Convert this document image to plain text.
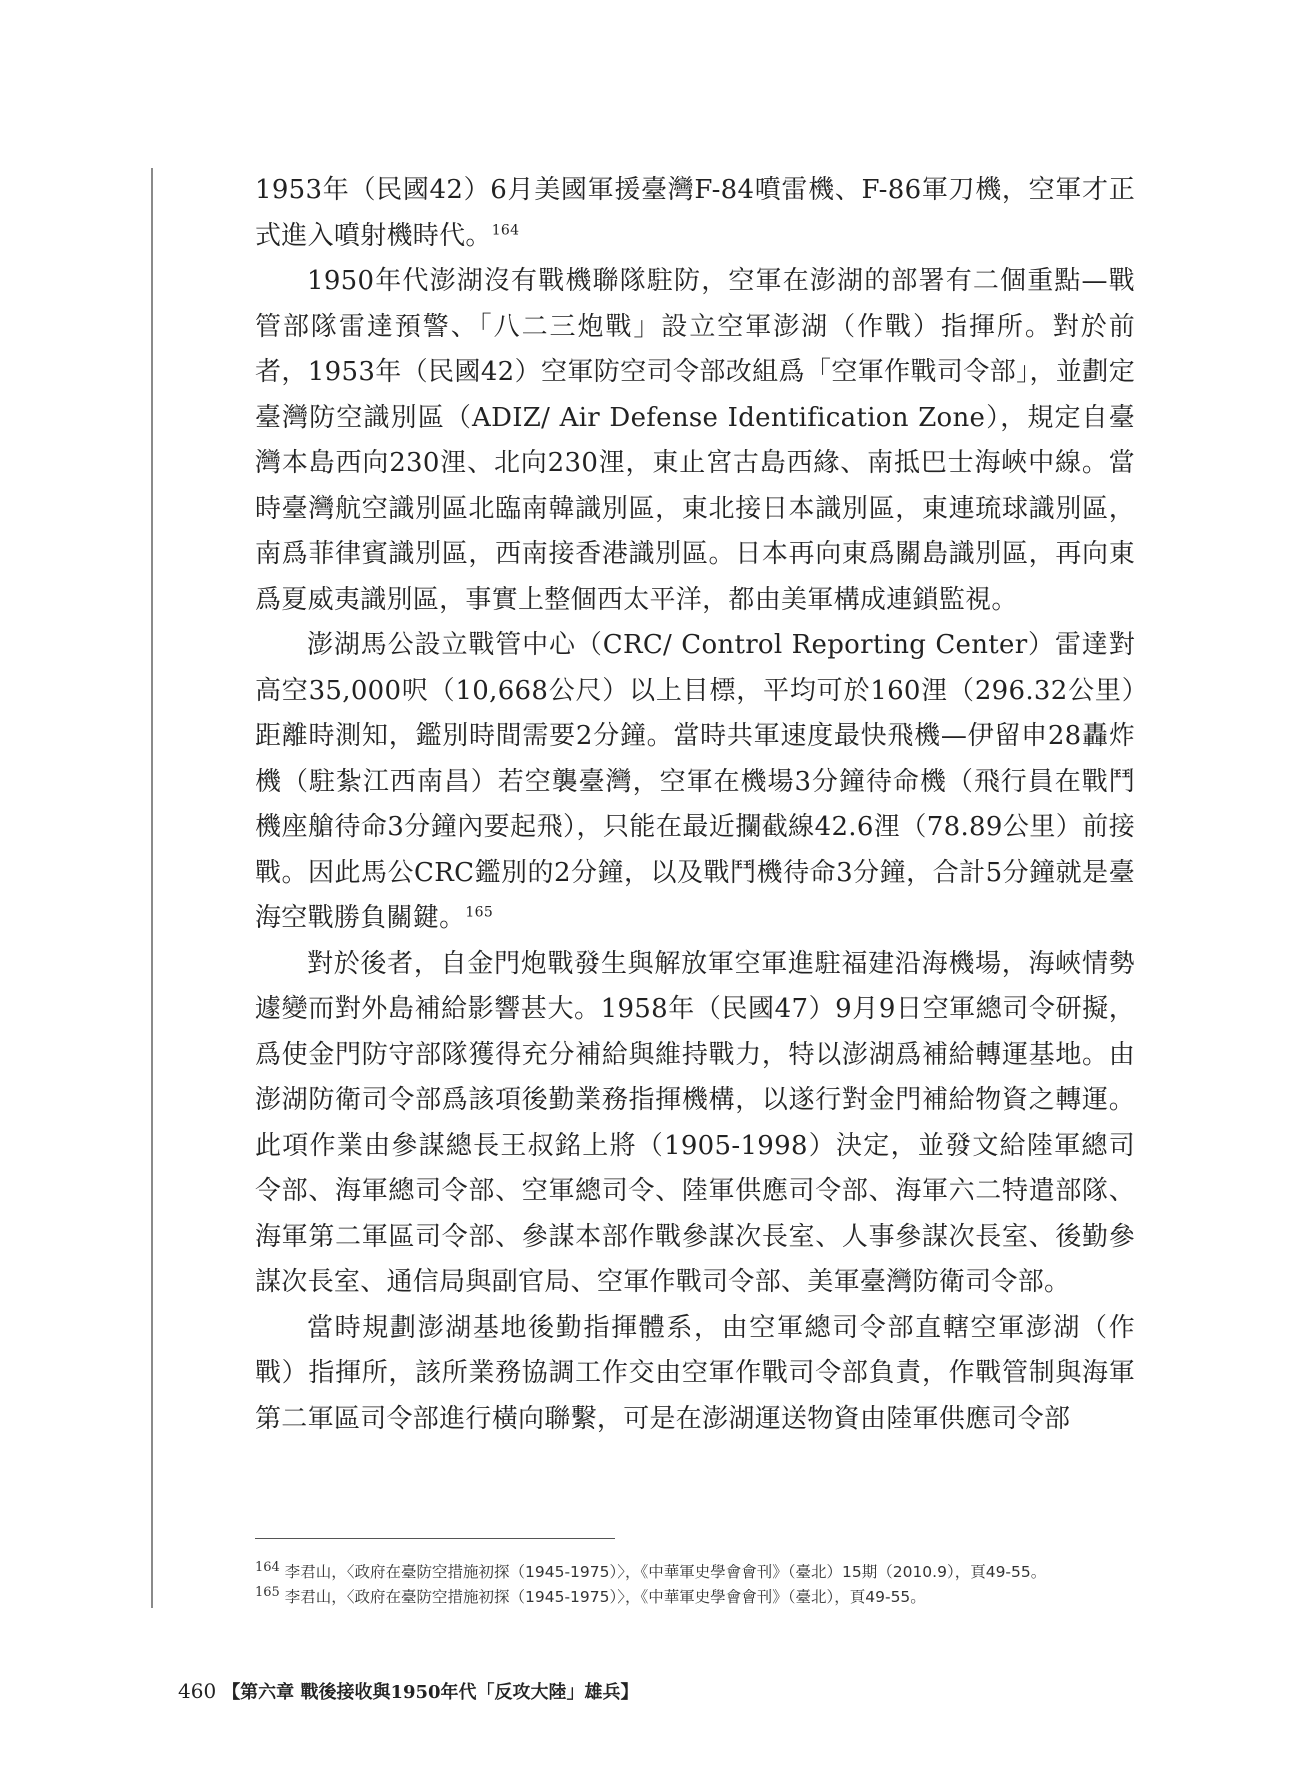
1953年（民國42）6月美國軍援臺灣F-84噴雷機、F-86軍刀機，空軍才正式進入噴射機時代。$^{164}$

1950年代澎湖沒有戰機聯隊駐防，空軍在澎湖的部署有二個重點—戰管部隊雷達預警、「八二三炮戰」設立空軍澎湖（作戰）指揮所。對於前者，1953年（民國42）空軍防空司令部改組爲「空軍作戰司令部」，並劃定臺灣防空識別區（ADIZ/ Air Defense Identification Zone），規定自臺灣本島西向230浬、北向230浬，東止宮古島西緣、南抵巴士海峽中線。當時臺灣航空識別區北臨南韓識別區，東北接日本識別區，東連琉球識別區，南爲菲律賓識別區，西南接香港識別區。日本再向東爲關島識別區，再向東爲夏威夷識別區，事實上整個西太平洋，都由美軍構成連鎖監視。

澎湖馬公設立戰管中心（CRC/ Control Reporting Center）雷達對高空35,000呎（10,668公尺）以上目標，平均可於160浬（296.32公里）距離時測知，鑑別時間需要2分鐘。當時共軍速度最快飛機—伊留申28轟炸機（駐紮江西南昌）若空襲臺灣，空軍在機場3分鐘待命機（飛行員在戰鬥機座艙待命3分鐘內要起飛），只能在最近攔截線42.6浬（78.89公里）前接戰。因此馬公CRC鑑別的2分鐘，以及戰鬥機待命3分鐘，合計5分鐘就是臺海空戰勝負關鍵。$^{165}$

對於後者，自金門炮戰發生與解放軍空軍進駐福建沿海機場，海峽情勢遽變而對外島補給影響甚大。1958年（民國47）9月9日空軍總司令研擬，爲使金門防守部隊獲得充分補給與維持戰力，特以澎湖爲補給轉運基地。由澎湖防衛司令部爲該項後勤業務指揮機構，以遂行對金門補給物資之轉運。此項作業由參謀總長王叔銘上將（1905-1998）決定，並發文給陸軍總司令部、海軍總司令部、空軍總司令、陸軍供應司令部、海軍六二特遣部隊、海軍第二軍區司令部、參謀本部作戰參謀次長室、人事參謀次長室、後勤參謀次長室、通信局與副官局、空軍作戰司令部、美軍臺灣防衛司令部。

當時規劃澎湖基地後勤指揮體系，由空軍總司令部直轄空軍澎湖（作戰）指揮所，該所業務協調工作交由空軍作戰司令部負責，作戰管制與海軍第二軍區司令部進行橫向聯繫，可是在澎湖運送物資由陸軍供應司令部

$^{164}$ 李君山，〈政府在臺防空措施初探（1945-1975）〉，《中華軍史學會會刊》（臺北）15期（2010.9），頁49-55。
$^{165}$ 李君山，〈政府在臺防空措施初探（1945-1975）〉，《中華軍史學會會刊》（臺北），頁49-55。
460 【第六章 戰後接收與1950年代「反攻大陸」雄兵】
